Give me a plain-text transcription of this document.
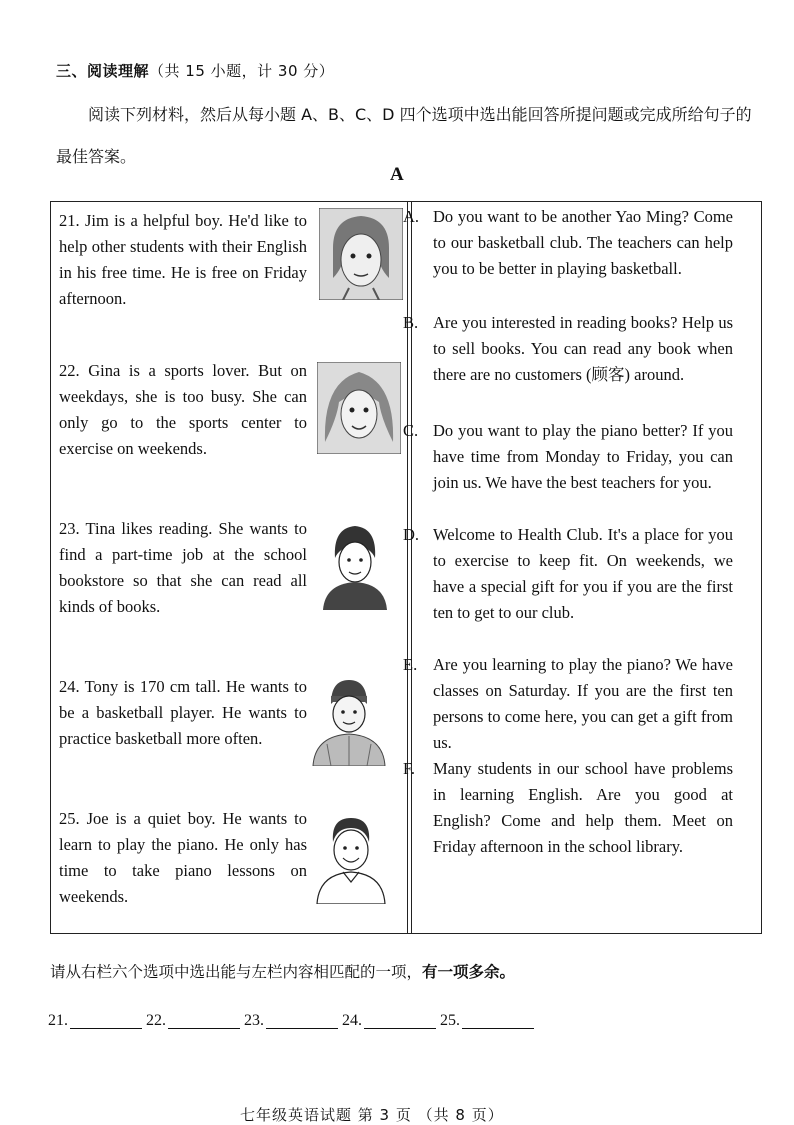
三、阅读理解（共 15 小题，计 30 分）
阅读下列材料，然后从每小题 A、B、C、D 四个选项中选出能回答所提问题或完成所给句子的最佳答案。
A
21. Jim is a helpful boy. He'd like to help other students with their English in his free time. He is free on Friday afternoon.
22. Gina is a sports lover. But on weekdays, she is too busy. She can only go to the sports center to exercise on weekends.
23. Tina likes reading. She wants to find a part-time job at the school bookstore so that she can read all kinds of books.
24. Tony is 170 cm tall. He wants to be a basketball player. He wants to practice basketball more often.
25. Joe is a quiet boy. He wants to learn to play the piano. He only has time to take piano lessons on weekends.
A. Do you want to be another Yao Ming? Come to our basketball club. The teachers can help you to be better in playing basketball.
B. Are you interested in reading books? Help us to sell books. You can read any book when there are no customers (顾客) around.
C. Do you want to play the piano better? If you have time from Monday to Friday, you can join us. We have the best teachers for you.
D. Welcome to Health Club. It's a place for you to exercise to keep fit. On weekends, we have a special gift for you if you are the first ten to get to our club.
E. Are you learning to play the piano? We have classes on Saturday. If you are the first ten persons to come here, you can get a gift from us.
F. Many students in our school have problems in learning English. Are you good at English? Come and help them. Meet on Friday afternoon in the school library.
请从右栏六个选项中选出能与左栏内容相匹配的一项，有一项多余。
21.	22.	23.	24.	25.
七年级英语试题 第 3 页 （共 8 页）
